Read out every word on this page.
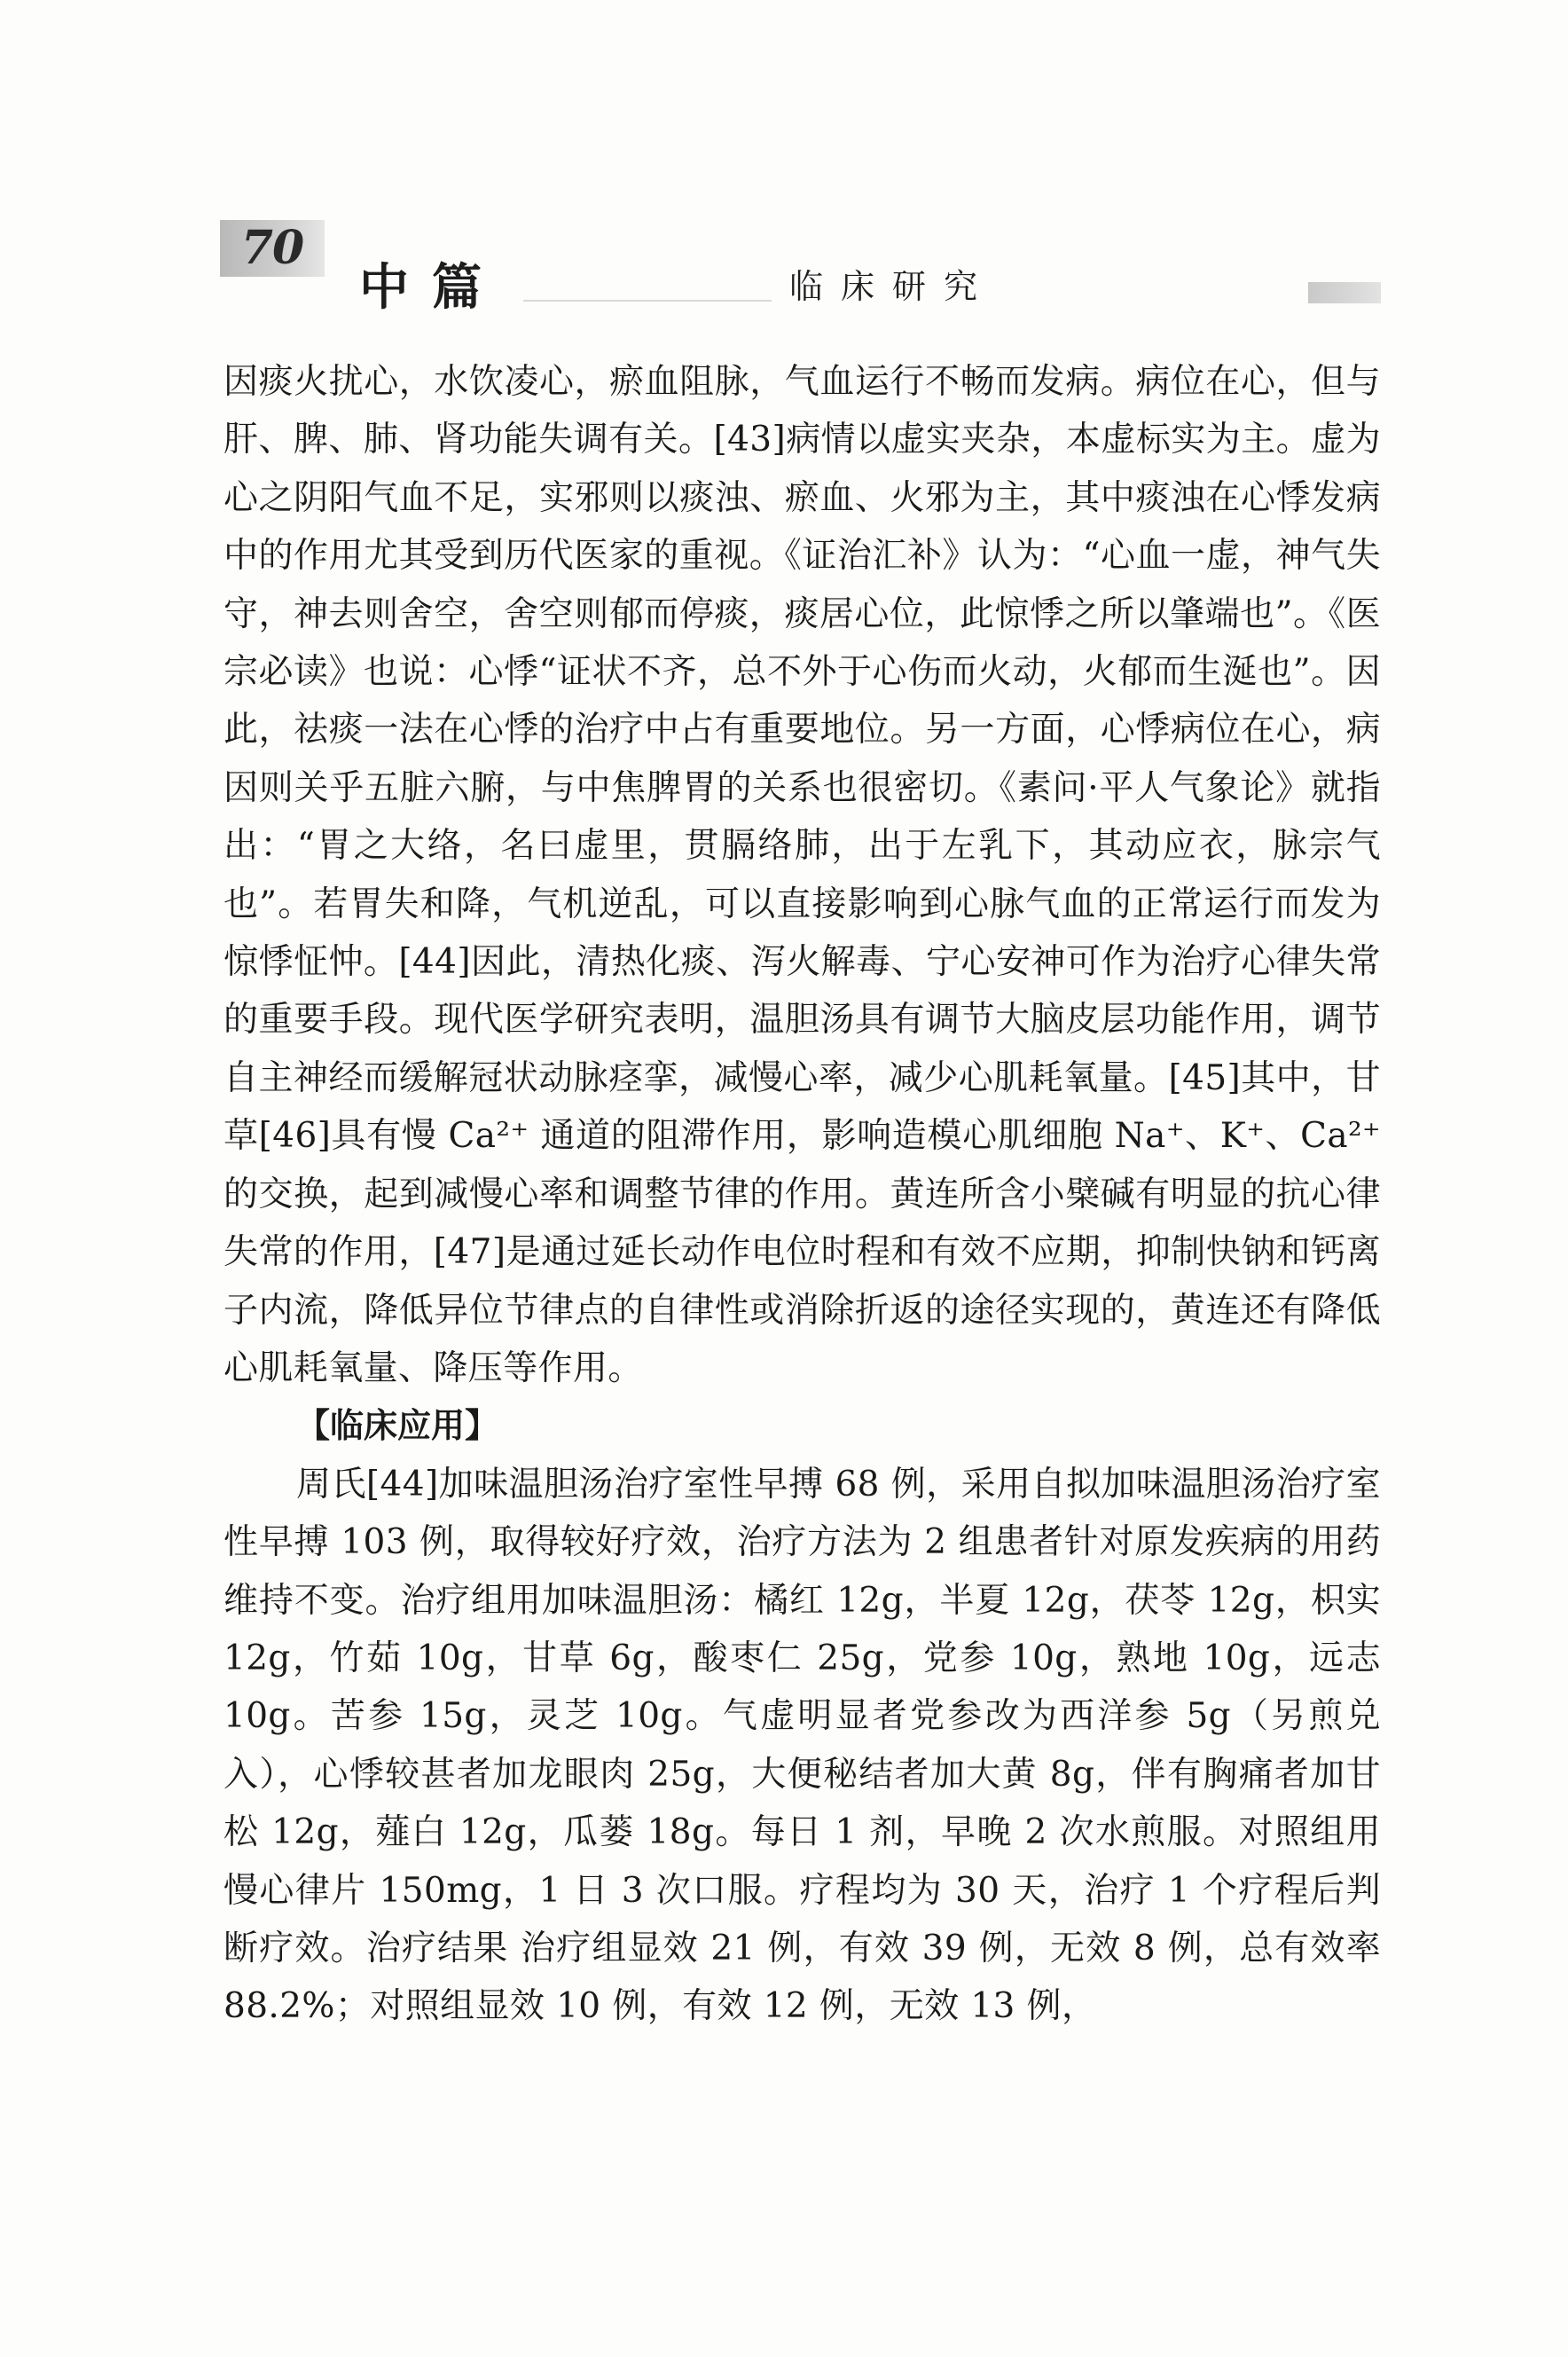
70
中篇	临床研究

因痰火扰心，水饮凌心，瘀血阻脉，气血运行不畅而发病。病位在心，但与肝、脾、肺、肾功能失调有关。[43]病情以虚实夹杂，本虚标实为主。虚为心之阴阳气血不足，实邪则以痰浊、瘀血、火邪为主，其中痰浊在心悸发病中的作用尤其受到历代医家的重视。《证治汇补》认为：“心血一虚，神气失守，神去则舍空，舍空则郁而停痰，痰居心位，此惊悸之所以肇端也”。《医宗必读》也说：心悸“证状不齐，总不外于心伤而火动，火郁而生涎也”。因此，祛痰一法在心悸的治疗中占有重要地位。另一方面，心悸病位在心，病因则关乎五脏六腑，与中焦脾胃的关系也很密切。《素问·平人气象论》就指出：“胃之大络，名曰虚里，贯膈络肺，出于左乳下，其动应衣，脉宗气也”。若胃失和降，气机逆乱，可以直接影响到心脉气血的正常运行而发为惊悸怔忡。[44]因此，清热化痰、泻火解毒、宁心安神可作为治疗心律失常的重要手段。现代医学研究表明，温胆汤具有调节大脑皮层功能作用，调节自主神经而缓解冠状动脉痉挛，减慢心率，减少心肌耗氧量。[45]其中，甘草[46]具有慢 Ca²⁺ 通道的阻滞作用，影响造模心肌细胞 Na⁺、K⁺、Ca²⁺ 的交换，起到减慢心率和调整节律的作用。黄连所含小檗碱有明显的抗心律失常的作用，[47]是通过延长动作电位时程和有效不应期，抑制快钠和钙离子内流，降低异位节律点的自律性或消除折返的途径实现的，黄连还有降低心肌耗氧量、降压等作用。

【临床应用】

周氏[44]加味温胆汤治疗室性早搏 68 例，采用自拟加味温胆汤治疗室性早搏 103 例，取得较好疗效，治疗方法为 2 组患者针对原发疾病的用药维持不变。治疗组用加味温胆汤：橘红 12g，半夏 12g，茯苓 12g，枳实 12g，竹茹 10g，甘草 6g，酸枣仁 25g，党参 10g，熟地 10g，远志 10g。苦参 15g，灵芝 10g。气虚明显者党参改为西洋参 5g（另煎兑入），心悸较甚者加龙眼肉 25g，大便秘结者加大黄 8g，伴有胸痛者加甘松 12g，薤白 12g，瓜蒌 18g。每日 1 剂，早晚 2 次水煎服。对照组用慢心律片 150mg，1 日 3 次口服。疗程均为 30 天，治疗 1 个疗程后判断疗效。治疗结果 治疗组显效 21 例，有效 39 例，无效 8 例，总有效率 88.2%；对照组显效 10 例，有效 12 例，无效 13 例，
